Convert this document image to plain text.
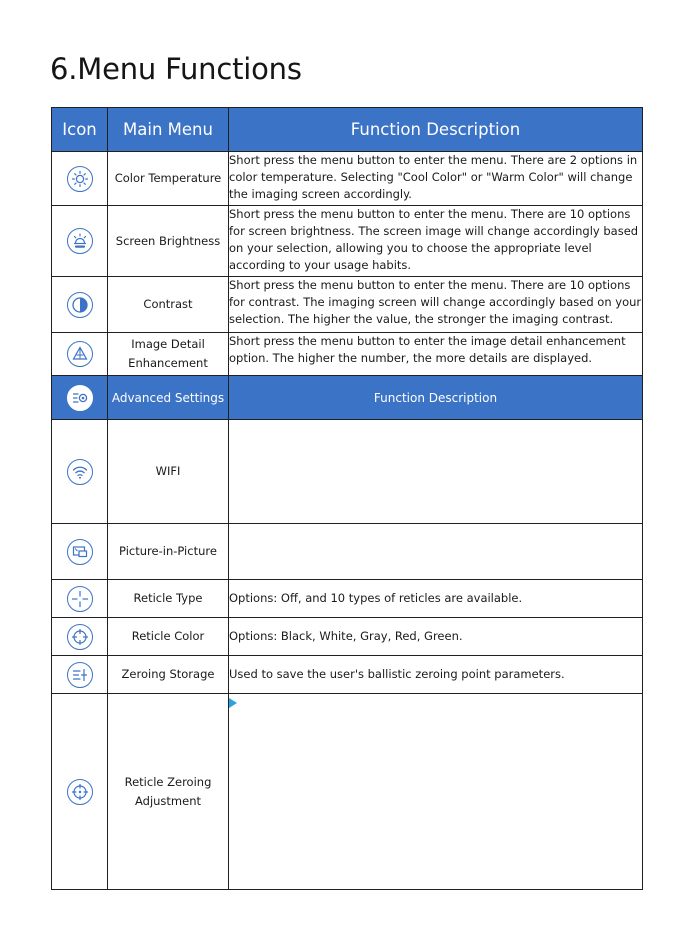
6.Menu Functions
Icon	Main Menu	Function Description

	Color Temperature	Short press the menu button to enter the menu. There are 2 options in color temperature. Selecting "Cool Color" or "Warm Color" will change the imaging screen accordingly.

	Screen Brightness	Short press the menu button to enter the menu. There are 10 options for screen brightness. The screen image will change accordingly based on your selection, allowing you to choose the appropriate level according to your usage habits.

	Contrast	Short press the menu button to enter the menu. There are 10 options for contrast. The imaging screen will change accordingly based on your selection. The higher the value, the stronger the imaging contrast.

	Image Detail Enhancement	Short press the menu button to enter the image detail enhancement option. The higher the number, the more details are displayed.

	Advanced Settings	Function Description

	WIFI	

	Picture-in-Picture	

	Reticle Type	Options: Off, and 10 types of reticles are available.

	Reticle Color	Options: Black, White, Gray, Red, Green.

	Zeroing Storage	Used to save the user's ballistic zeroing point parameters.

	Reticle Zeroing Adjustment	
